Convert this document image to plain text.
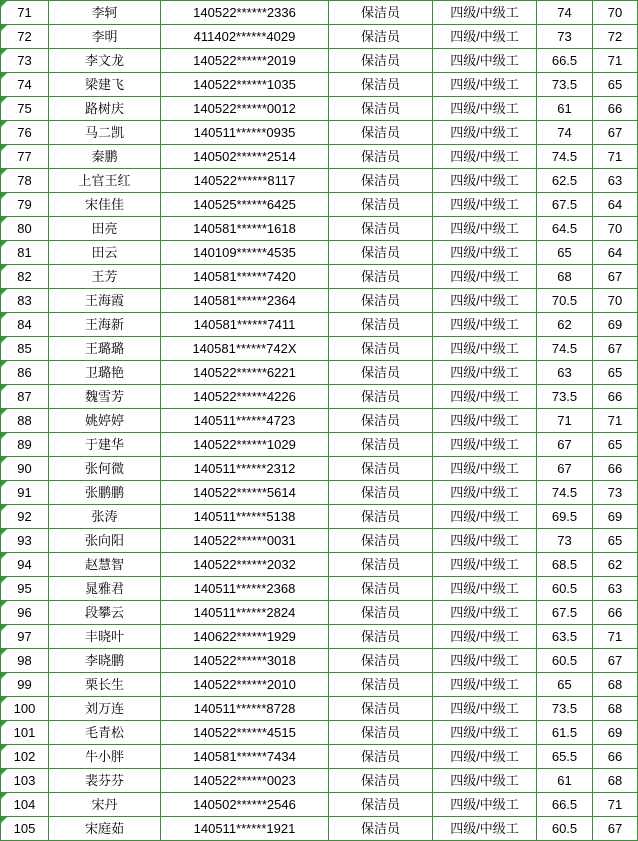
71	李轲	140522******2336	保洁员	四级/中级工	74	70
72	李明	411402******4029	保洁员	四级/中级工	73	72
73	李文龙	140522******2019	保洁员	四级/中级工	66.5	71
74	梁建飞	140522******1035	保洁员	四级/中级工	73.5	65
75	路树庆	140522******0012	保洁员	四级/中级工	61	66
76	马二凯	140511******0935	保洁员	四级/中级工	74	67
77	秦鹏	140502******2514	保洁员	四级/中级工	74.5	71
78	上官王红	140522******8117	保洁员	四级/中级工	62.5	63
79	宋佳佳	140525******6425	保洁员	四级/中级工	67.5	64
80	田亮	140581******1618	保洁员	四级/中级工	64.5	70
81	田云	140109******4535	保洁员	四级/中级工	65	64
82	王芳	140581******7420	保洁员	四级/中级工	68	67
83	王海霞	140581******2364	保洁员	四级/中级工	70.5	70
84	王海新	140581******7411	保洁员	四级/中级工	62	69
85	王璐璐	140581******742X	保洁员	四级/中级工	74.5	67
86	卫璐艳	140522******6221	保洁员	四级/中级工	63	65
87	魏雪芳	140522******4226	保洁员	四级/中级工	73.5	66
88	姚婷婷	140511******4723	保洁员	四级/中级工	71	71
89	于建华	140522******1029	保洁员	四级/中级工	67	65
90	张何微	140511******2312	保洁员	四级/中级工	67	66
91	张鹏鹏	140522******5614	保洁员	四级/中级工	74.5	73
92	张涛	140511******5138	保洁员	四级/中级工	69.5	69
93	张向阳	140522******0031	保洁员	四级/中级工	73	65
94	赵慧智	140522******2032	保洁员	四级/中级工	68.5	62
95	晁雅君	140511******2368	保洁员	四级/中级工	60.5	63
96	段攀云	140511******2824	保洁员	四级/中级工	67.5	66
97	丰晓叶	140622******1929	保洁员	四级/中级工	63.5	71
98	李晓鹏	140522******3018	保洁员	四级/中级工	60.5	67
99	栗长生	140522******2010	保洁员	四级/中级工	65	68
100	刘万连	140511******8728	保洁员	四级/中级工	73.5	68
101	毛青松	140522******4515	保洁员	四级/中级工	61.5	69
102	牛小胖	140581******7434	保洁员	四级/中级工	65.5	66
103	裴芬芬	140522******0023	保洁员	四级/中级工	61	68
104	宋丹	140502******2546	保洁员	四级/中级工	66.5	71
105	宋庭茹	140511******1921	保洁员	四级/中级工	60.5	67
